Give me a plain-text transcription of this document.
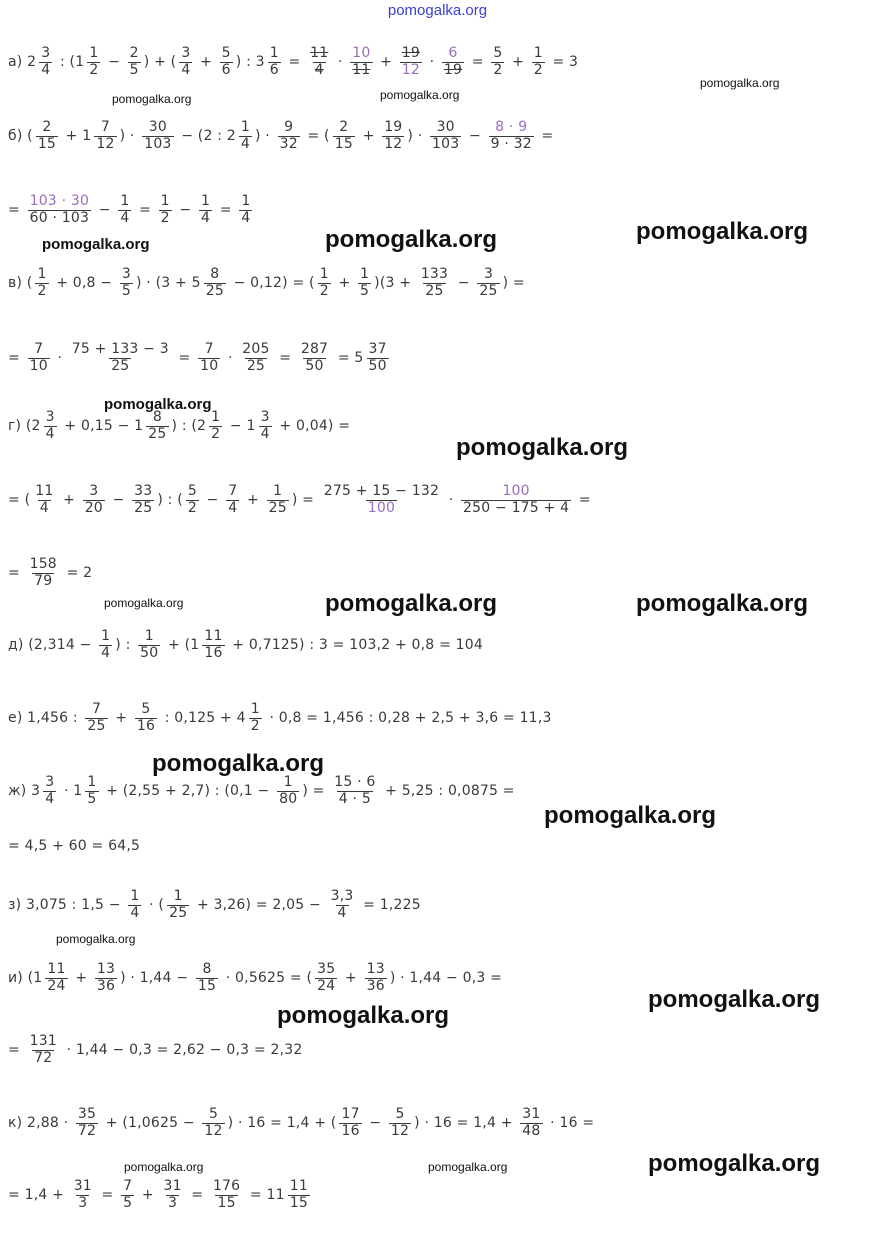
pomogalka.org
а) $2 \frac{3}{4}$ : ($1 \frac{1}{2} - \frac{2}{5}$ ) + ( $\frac{3}{4} + \frac{5}{6}$ ) : $3 \frac{1}{6} = \frac{11}{4} \cdot \frac{10}{11} + \frac{19}{12} \cdot \frac{6}{19} = \frac{5}{2} + \frac{1}{2} = 3$
б) ( $\frac{2}{15} + 1 \frac{7}{12}$ ) · $\frac{30}{103} - (2$ : $2 \frac{1}{4}$ ) · $\frac{9}{32}$ = ( $\frac{2}{15} + \frac{19}{12}$ ) · $\frac{30}{103} - \frac{8 \cdot 9}{9 \cdot 32}$ =
= $\frac{103 \cdot 30}{60 \cdot 103} - \frac{1}{4} = \frac{1}{2} - \frac{1}{4} = \frac{1}{4}$
в) ( $\frac{1}{2} + 0,8 - \frac{3}{5}$ ) · $(3 + 5 \frac{8}{25} - 0,12)$ = ( $\frac{1}{2} + \frac{1}{5} )(3 + \frac{133}{25} - \frac{3}{25}$ ) =
= $\frac{7}{10} \cdot \frac{75 + 133 - 3}{25} = \frac{7}{10} \cdot \frac{205}{25} = \frac{287}{50} = 5 \frac{37}{50}$
г) ($2 \frac{3}{4} + 0,15 - 1 \frac{8}{25}$ ) : $(2 \frac{1}{2} - 1 \frac{3}{4} + 0,04)$ =
= ( $\frac{11}{4} + \frac{3}{20} - \frac{33}{25}$ ) : ( $\frac{5}{2} - \frac{7}{4} + \frac{1}{25}$ ) = $\frac{275 + 15 - 132}{100} \cdot \frac{100}{250 - 175 + 4}$ =
= $\frac{158}{79} = 2$
д) ($2,314 - \frac{1}{4}$ ) : $\frac{1}{50} + (1 \frac{11}{16} + 0,7125)$ : 3 = 103,2 + 0,8 = 104
е) 1,456 : $\frac{7}{25} + \frac{5}{16}$ : $0,125 + 4 \frac{1}{2} \cdot 0,8 = 1,456$ : 0,28 + 2,5 + 3,6 = 11,3
ж) $3 \frac{3}{4} \cdot 1 \frac{1}{5} + (2,55 + 2,7)$ : ($0,1 - \frac{1}{80}$ ) = $\frac{15 \cdot 6}{4 \cdot 5} + 5,25$ : 0,0875 =
= 4,5 + 60 = 64,5
з) 3,075 : $1,5 - \frac{1}{4}$ · ( $\frac{1}{25} + 3,26) = 2,05 - \frac{3,3}{4} = 1,225$
и) ($1 \frac{11}{24} + \frac{13}{36}$ ) · $1,44 - \frac{8}{15} \cdot 0,5625$ = ( $\frac{35}{24} + \frac{13}{36}$ ) · 1,44 − 0,3 =
= $\frac{131}{72} \cdot 1,44 - 0,3 = 2,62 - 0,3 = 2,32$
к) $2,88 \cdot \frac{35}{72} + (1,0625 - \frac{5}{12}$ ) · 16 = 1,4 + ( $\frac{17}{16} - \frac{5}{12}$ ) · $16 = 1,4 + \frac{31}{48} \cdot 16$ =
= $1,4 + \frac{31}{3} = \frac{7}{5} + \frac{31}{3} = \frac{176}{15} = 11 \frac{11}{15}$
pomogalka.org	pomogalka.org
pomogalka.org
pomogalka.org	pomogalka.org	pomogalka.org
pomogalka.org
pomogalka.org
pomogalka.org	pomogalka.org	pomogalka.org
pomogalka.org
pomogalka.org
pomogalka.org
pomogalka.org
pomogalka.org
pomogalka.org	pomogalka.org	pomogalka.org
